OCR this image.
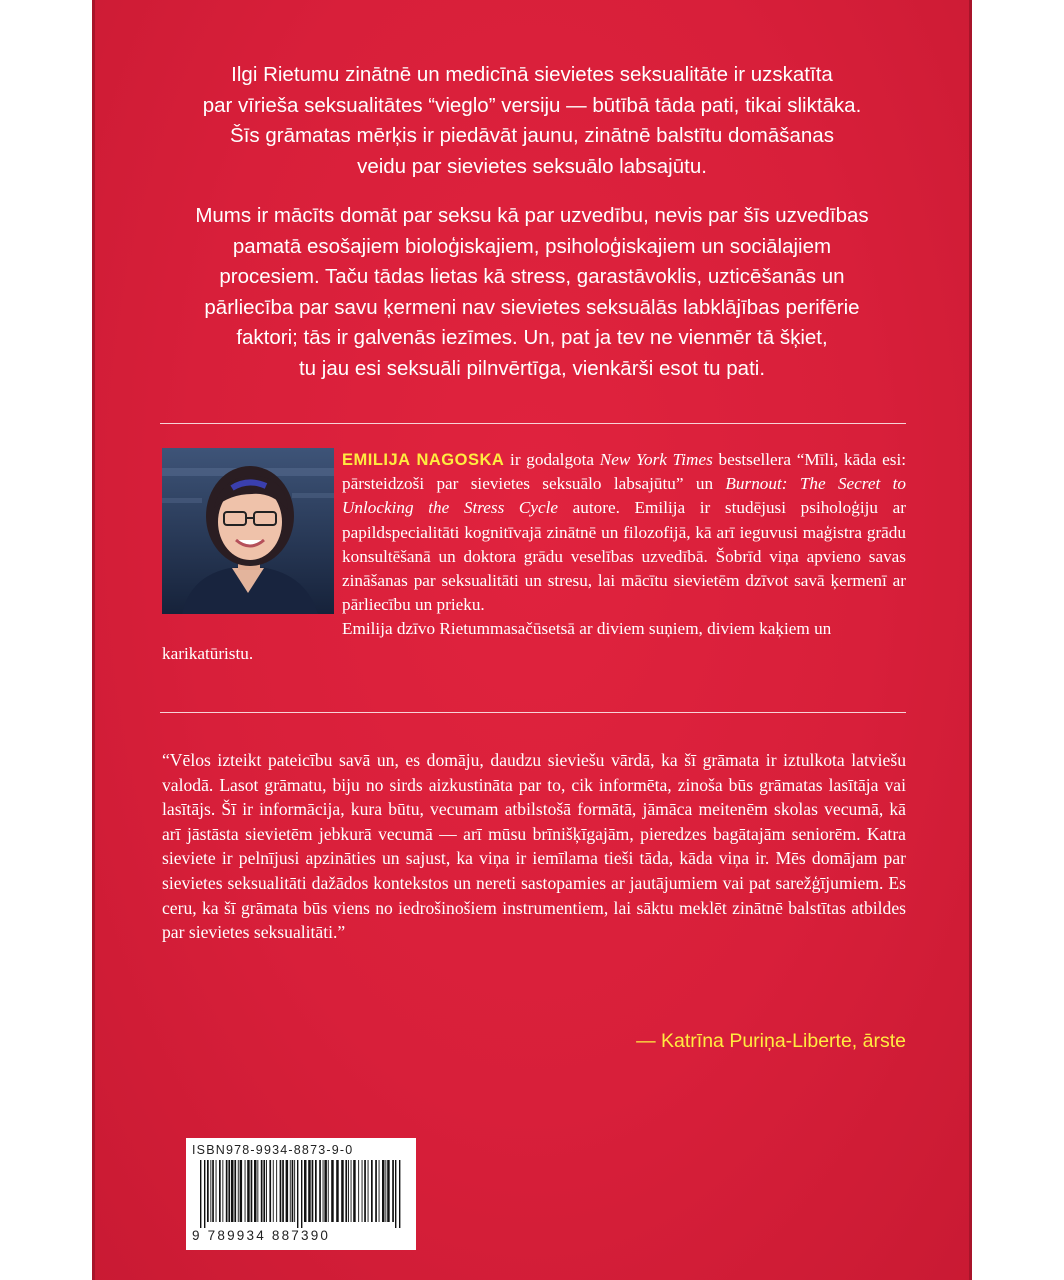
Ilgi Rietumu zinātnē un medicīnā sievietes seksualitāte ir uzskatīta
par vīrieša seksualitātes “vieglo” versiju — būtībā tāda pati, tikai sliktāka.
Šīs grāmatas mērķis ir piedāvāt jaunu, zinātnē balstītu domāšanas
veidu par sievietes seksuālo labsajūtu.
Mums ir mācīts domāt par seksu kā par uzvedību, nevis par šīs uzvedības
pamatā esošajiem bioloģiskajiem, psiholoģiskajiem un sociālajiem
procesiem. Taču tādas lietas kā stress, garastāvoklis, uzticēšanās un
pārliecība par savu ķermeni nav sievietes seksuālās labklājības perifērie
faktori; tās ir galvenās iezīmes. Un, pat ja tev ne vienmēr tā šķiet,
tu jau esi seksuāli pilnvērtīga, vienkārši esot tu pati.

EMILIJA NAGOSKA ir godalgota New York Times bestsellera “Mīli, kāda esi: pārsteidzoši par sievietes seksuālo labsajūtu” un Burnout: The Secret to Unlocking the Stress Cycle autore. Emilija ir studējusi psiholoģiju ar papildspecialitāti kognitīvajā zinātnē un filozofijā, kā arī ieguvusi maģistra grādu konsultēšanā un doktora grādu veselības uzvedībā. Šobrīd viņa apvieno savas zināšanas par seksualitāti un stresu, lai mācītu sievietēm dzīvot savā ķermenī ar pārliecību un prieku.
Emilija dzīvo Rietummasačūsetsā ar diviem suņiem, diviem kaķiem un karikatūristu.

“Vēlos izteikt pateicību savā un, es domāju, daudzu sieviešu vārdā, ka šī grāmata ir iztulkota latviešu valodā. Lasot grāmatu, biju no sirds aizkustināta par to, cik informēta, zinoša būs grāmatas lasītāja vai lasītājs. Šī ir informācija, kura būtu, vecumam atbilstošā formātā, jāmāca meitenēm skolas vecumā, kā arī jāstāsta sievietēm jebkurā vecumā — arī mūsu brīnišķīgajām, pieredzes bagātajām seniorēm. Katra sieviete ir pelnījusi apzināties un sajust, ka viņa ir iemīlama tieši tāda, kāda viņa ir. Mēs domājam par sievietes seksualitāti dažādos kontekstos un nereti sastopamies ar jautājumiem vai pat sarežģījumiem. Es ceru, ka šī grāmata būs viens no iedrošinošiem instrumentiem, lai sāktu meklēt zinātnē balstītas atbildes par sievietes seksualitāti.”

— Katrīna Puriņa-Liberte, ārste

ISBN978-9934-8873-9-0
9 789934 887390
